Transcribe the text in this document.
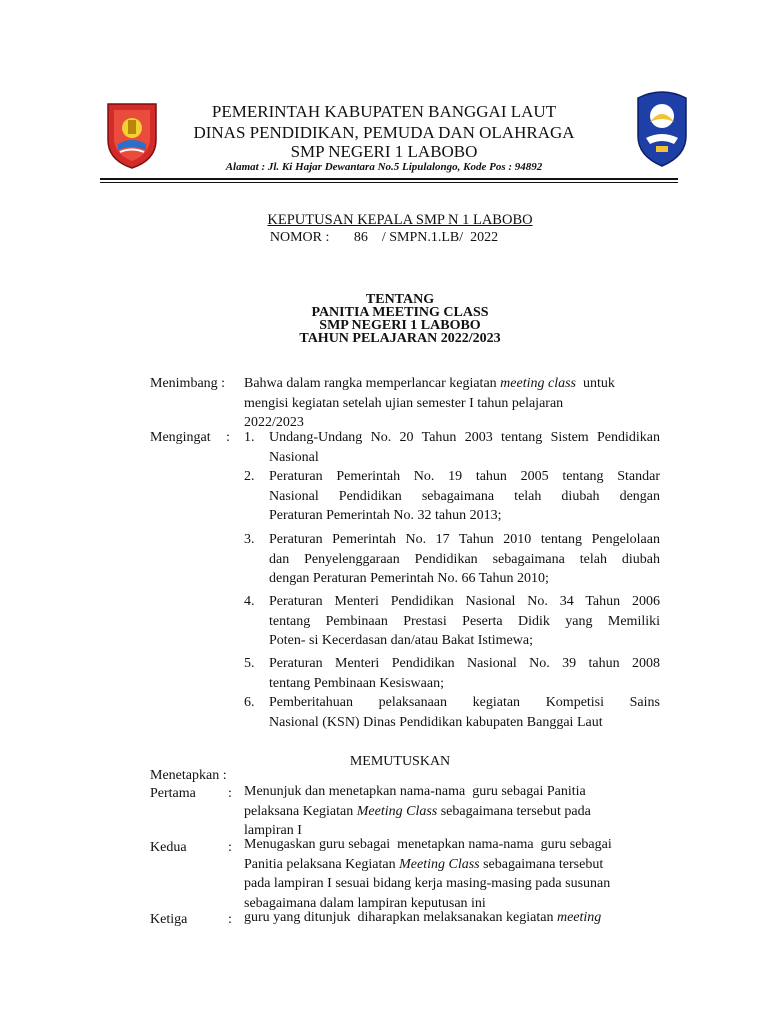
PEMERINTAH KABUPATEN BANGGAI LAUT
DINAS PENDIDIKAN, PEMUDA DAN OLAHRAGA
SMP NEGERI 1 LABOBO
Alamat : Jl. Ki Hajar Dewantara No.5 Lipulalongo, Kode Pos : 94892
KEPUTUSAN KEPALA SMP N 1 LABOBO
NOMOR :       86    / SMPN.1.LB/  2022
TENTANG
PANITIA MEETING CLASS
SMP NEGERI 1 LABOBO
TAHUN PELAJARAN 2022/2023
Menimbang : Bahwa dalam rangka memperlancar kegiatan meeting class  untuk
mengisi kegiatan setelah ujian semester I tahun pelajaran
2022/2023
Mengingat : 1. Undang-Undang No. 20 Tahun 2003 tentang Sistem Pendidikan
Nasional
2. Peraturan Pemerintah No. 19 tahun 2005 tentang Standar
Nasional Pendidikan sebagaimana telah diubah dengan
Peraturan Pemerintah No. 32 tahun 2013;
3. Peraturan Pemerintah No. 17 Tahun 2010 tentang Pengelolaan
dan Penyelenggaraan Pendidikan sebagaimana telah diubah
dengan Peraturan Pemerintah No. 66 Tahun 2010;
4. Peraturan Menteri Pendidikan Nasional No. 34 Tahun 2006
tentang Pembinaan Prestasi Peserta Didik yang Memiliki
Poten- si Kecerdasan dan/atau Bakat Istimewa;
5. Peraturan Menteri Pendidikan Nasional No. 39 tahun 2008
tentang Pembinaan Kesiswaan;
6. Pemberitahuan pelaksanaan kegiatan Kompetisi Sains
Nasional (KSN) Dinas Pendidikan kabupaten Banggai Laut
MEMUTUSKAN
Menetapkan :
Pertama : Menunjuk dan menetapkan nama-nama  guru sebagai Panitia
pelaksana Kegiatan Meeting Class sebagaimana tersebut pada
lampiran I
Kedua	: Menugaskan guru sebagai  menetapkan nama-nama  guru sebagai
Panitia pelaksana Kegiatan Meeting Class sebagaimana tersebut
pada lampiran I sesuai bidang kerja masing-masing pada susunan
sebagaimana dalam lampiran keputusan ini
Ketiga	: guru yang ditunjuk  diharapkan melaksanakan kegiatan meeting
